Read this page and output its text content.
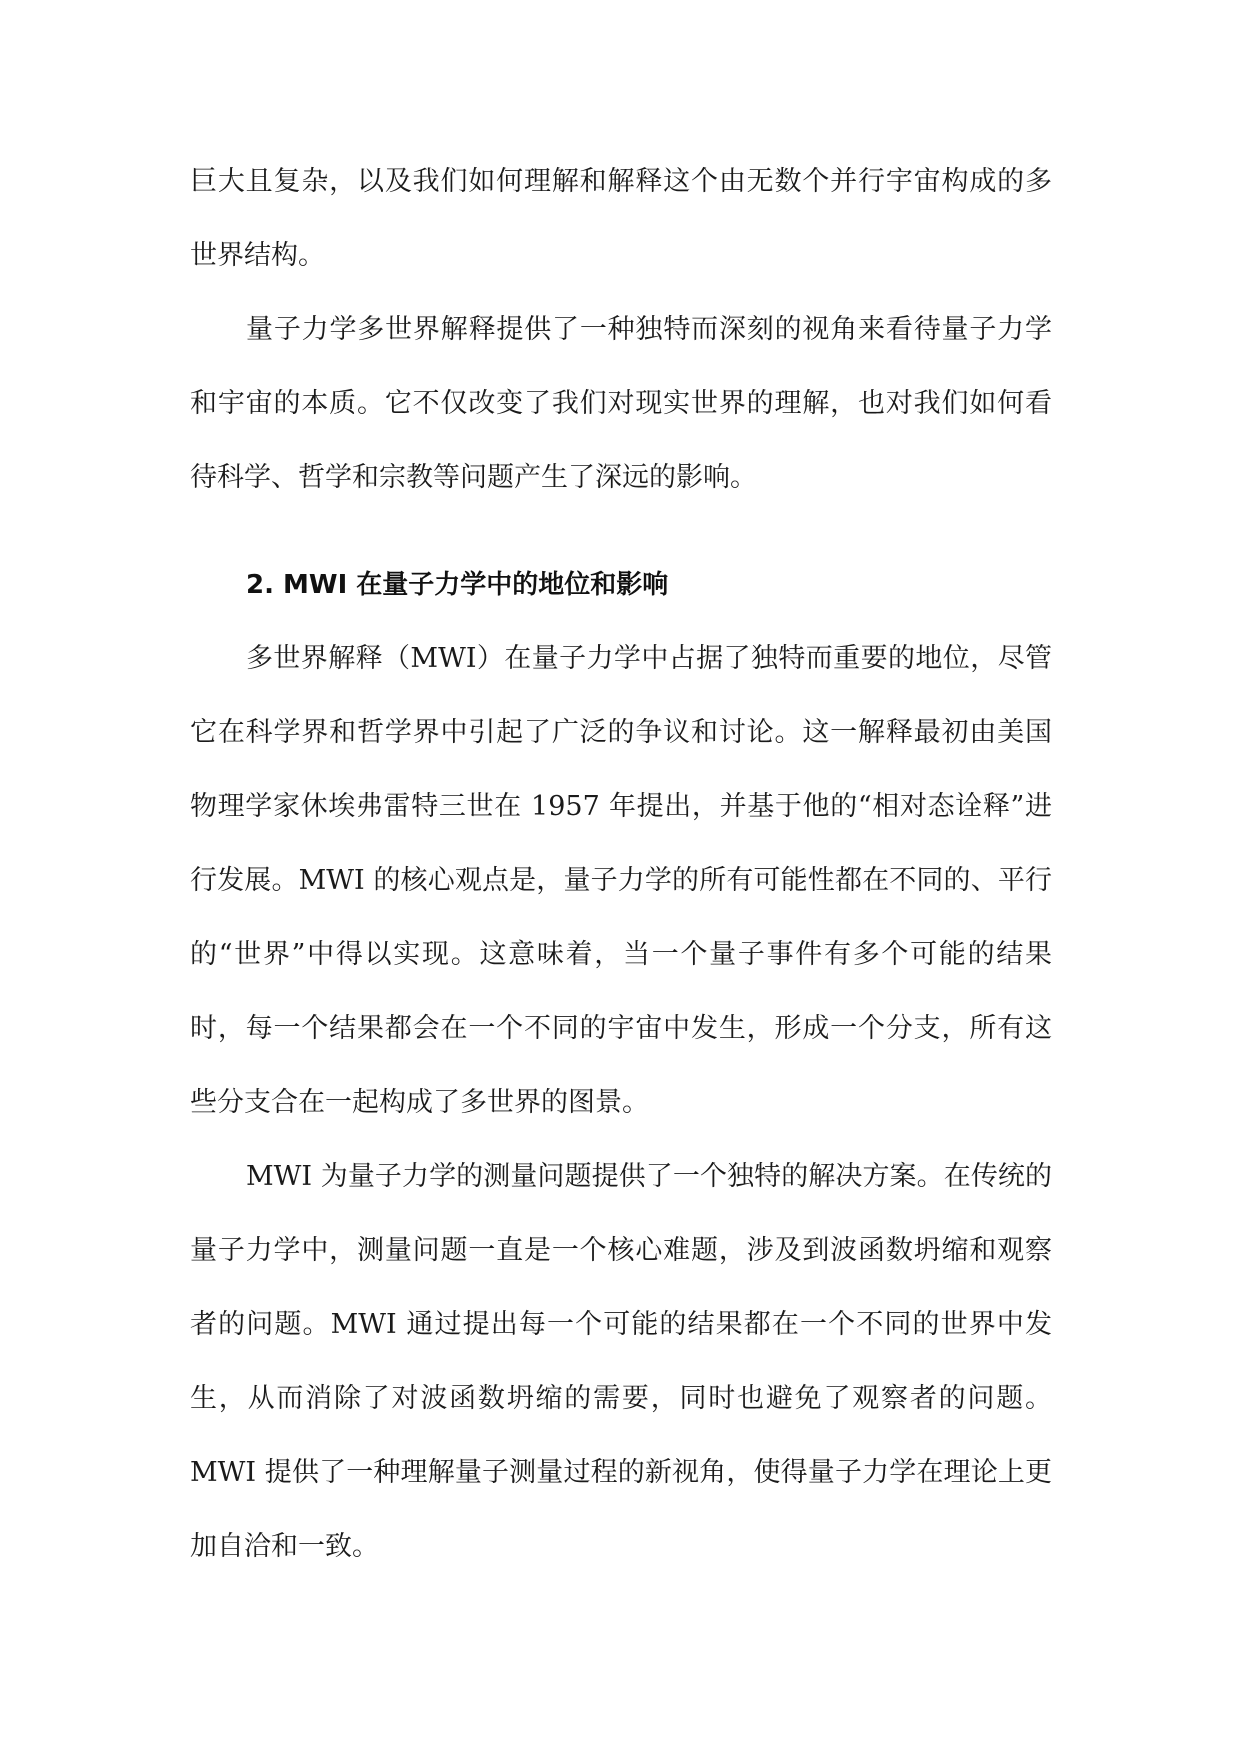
巨大且复杂，以及我们如何理解和解释这个由无数个并行宇宙构成的多世界结构。

量子力学多世界解释提供了一种独特而深刻的视角来看待量子力学和宇宙的本质。它不仅改变了我们对现实世界的理解，也对我们如何看待科学、哲学和宗教等问题产生了深远的影响。

2. MWI 在量子力学中的地位和影响

多世界解释（MWI）在量子力学中占据了独特而重要的地位，尽管它在科学界和哲学界中引起了广泛的争议和讨论。这一解释最初由美国物理学家休埃弗雷特三世在 1957 年提出，并基于他的“相对态诠释”进行发展。MWI 的核心观点是，量子力学的所有可能性都在不同的、平行的“世界”中得以实现。这意味着，当一个量子事件有多个可能的结果时，每一个结果都会在一个不同的宇宙中发生，形成一个分支，所有这些分支合在一起构成了多世界的图景。

MWI 为量子力学的测量问题提供了一个独特的解决方案。在传统的量子力学中，测量问题一直是一个核心难题，涉及到波函数坍缩和观察者的问题。MWI 通过提出每一个可能的结果都在一个不同的世界中发生，从而消除了对波函数坍缩的需要，同时也避免了观察者的问题。MWI 提供了一种理解量子测量过程的新视角，使得量子力学在理论上更加自洽和一致。
